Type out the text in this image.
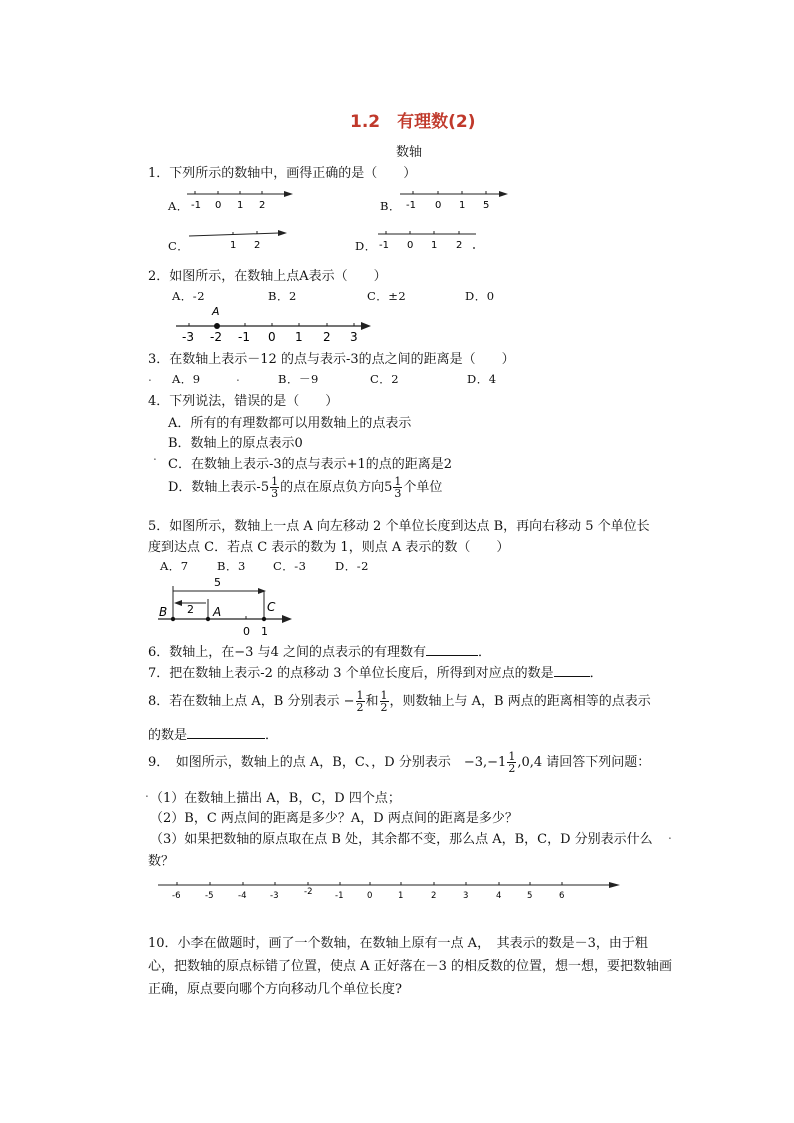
1.2　有理数(2)
数轴
1．下列所示的数轴中，画得正确的是（　　）
A． -1 0 1 2	B． -1 0 1 5
C．	1 2	D． -1 0 1 2
2．如图所示，在数轴上点A表示（　　）
A．-2	B．2	C．±2	D．0
A
-3 -2 -1 0 1 2 3
3．在数轴上表示－12 的点与表示-3的点之间的距离是（　　）
. A．9	.	B．－9	C．2	D．4
4．下列说法，错误的是（　　）
A．所有的有理数都可以用数轴上的点表示
B．数轴上的原点表示0
.
C．在数轴上表示-3的点与表示+1的点的距离是2
D．数轴上表示$-5 \frac{1}{3}$ 的点在原点负方向$5 \frac{1}{3}$ 个单位
5．如图所示，数轴上一点 A 向左移动 2 个单位长度到达点 B，再向右移动 5 个单位长
度到达点 C．若点 C 表示的数为 1，则点 A 表示的数（　　）
A．7 B．3 C．-3 D．-2
5
2
B	A	C
0 1
6．数轴上，在−3 与4 之间的点表示的有理数有	．
7．把在数轴上表示-2 的点移动 3 个单位长度后，所得到对应点的数是	．
8．若在数轴上点 A，B 分别表示 − $\frac{1}{2}$ 和 $\frac{1}{2}$ ，则数轴上与 A，B 两点的距离相等的点表示
的数是	．
9．　如图所示，数轴上的点 A，B，C、，D 分别表示　$-3,-1 \frac{1}{2} ,0,4$ 请回答下列问题：
. （1）在数轴上描出 A，B，C，D 四个点；
（2）B，C 两点间的距离是多少？A，D 两点间的距离是多少？
（3）如果把数轴的原点取在点 B 处，其余都不变，那么点 A，B，C，D 分别表示什么 .
数？
-6	-5	-4	-3	-2	-1	0	1	2	3	4	5	6
10．小李在做题时，画了一个数轴，在数轴上原有一点 A，　其表示的数是－3，由于粗
心，把数轴的原点标错了位置，使点 A 正好落在－3 的相反数的位置，想一想，要把数轴画
正确，原点要向哪个方向移动几个单位长度?
